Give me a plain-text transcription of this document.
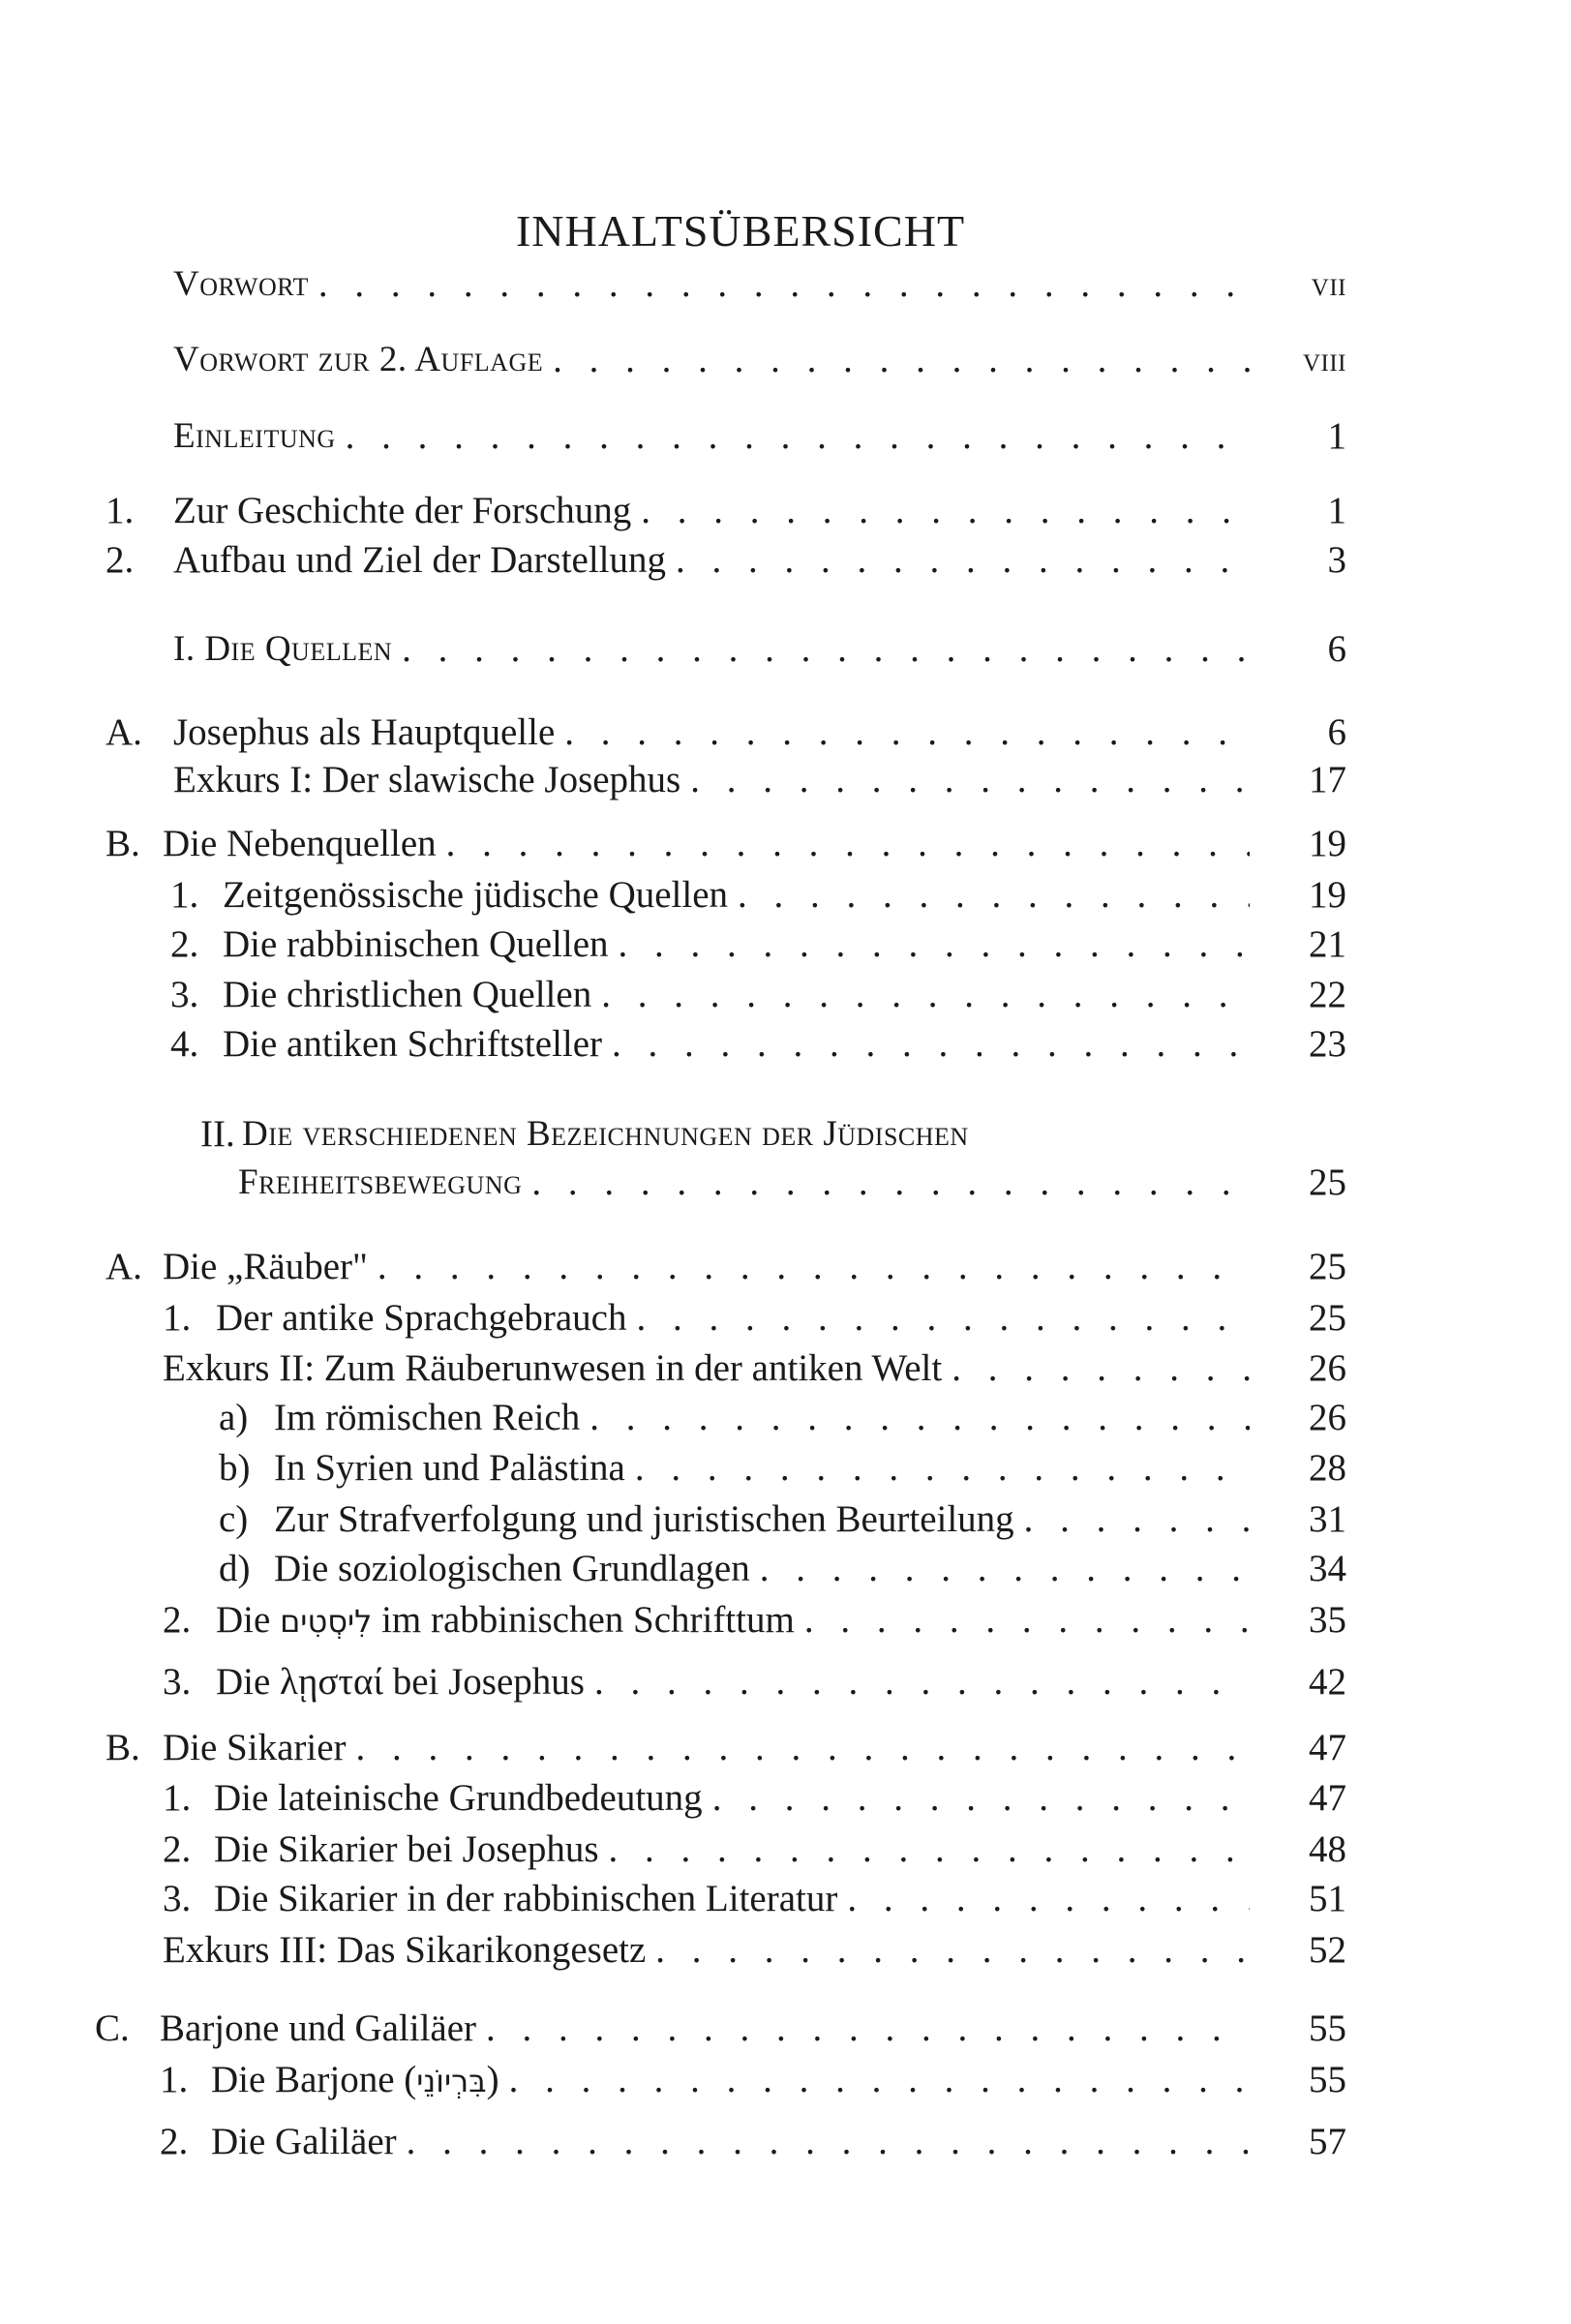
INHALTSÜBERSICHT
Vorwort . . .	vii
Vorwort zur 2. Auflage . . .	viii
Einleitung . . .	1
1. Zur Geschichte der Forschung . . .	1
2. Aufbau und Ziel der Darstellung . . .	3
I. Die Quellen . . .	6
A. Josephus als Hauptquelle . . .	6
Exkurs I: Der slawische Josephus . . .	17
B. Die Nebenquellen . . .	19
1. Zeitgenössische jüdische Quellen . . .	19
2. Die rabbinischen Quellen . . .	21
3. Die christlichen Quellen . . .	22
4. Die antiken Schriftsteller . . .	23
II. Die verschiedenen Bezeichnungen der Jüdischen
Freiheitsbewegung . . .	25
A. Die „Räuber" . . .	25
1. Der antike Sprachgebrauch . . .	25
Exkurs II: Zum Räuberunwesen in der antiken Welt . . .	26
a) Im römischen Reich . . .	26
b) In Syrien und Palästina . . .	28
c) Zur Strafverfolgung und juristischen Beurteilung . . .	31
d) Die soziologischen Grundlagen . . .	34
2. Die לִיסְטִים im rabbinischen Schrifttum . . .	35
3. Die λῃσταί bei Josephus . . .	42
B. Die Sikarier . . .	47
1. Die lateinische Grundbedeutung . . .	47
2. Die Sikarier bei Josephus . . .	48
3. Die Sikarier in der rabbinischen Literatur . . .	51
Exkurs III: Das Sikarikongesetz . . .	52
C. Barjone und Galiläer . . .	55
1. Die Barjone (בִּרְיוֹנֵי) . . .	55
2. Die Galiläer . . .	57
